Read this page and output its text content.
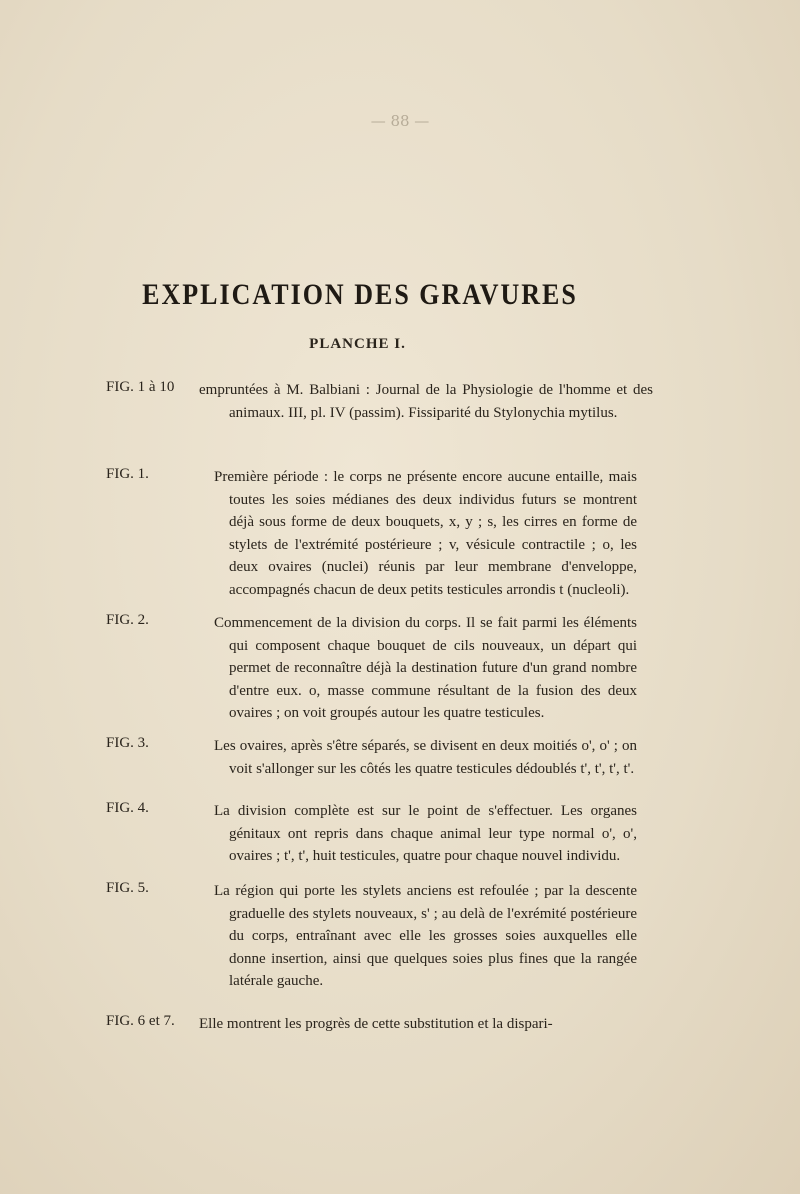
— 88 —
EXPLICATION DES GRAVURES
PLANCHE I.
FIG. 1 à 10 empruntées à M. Balbiani : Journal de la Physiologie de l'homme et des animaux. III, pl. IV (passim). Fissiparité du Stylonychia mytilus.
FIG. 1.	Première période : le corps ne présente encore aucune entaille, mais toutes les soies médianes des deux individus futurs se montrent déjà sous forme de deux bouquets, x, y ; s, les cirres en forme de stylets de l'extrémité postérieure ; v, vésicule contractile ; o, les deux ovaires (nuclei) réunis par leur membrane d'enveloppe, accompagnés chacun de deux petits testicules arrondis t (nucleoli).
FIG. 2.	Commencement de la division du corps. Il se fait parmi les éléments qui composent chaque bouquet de cils nouveaux, un départ qui permet de reconnaître déjà la destination future d'un grand nombre d'entre eux. o, masse commune résultant de la fusion des deux ovaires ; on voit groupés autour les quatre testicules.
FIG. 3.	Les ovaires, après s'être séparés, se divisent en deux moitiés o', o' ; on voit s'allonger sur les côtés les quatre testicules dédoublés t', t', t', t'.
FIG. 4.	La division complète est sur le point de s'effectuer. Les organes génitaux ont repris dans chaque animal leur type normal o', o', ovaires ; t', t', huit testicules, quatre pour chaque nouvel individu.
FIG. 5.	La région qui porte les stylets anciens est refoulée ; par la descente graduelle des stylets nouveaux, s' ; au delà de l'exrémité postérieure du corps, entraînant avec elle les grosses soies auxquelles elle donne insertion, ainsi que quelques soies plus fines que la rangée latérale gauche.
FIG. 6 et 7. Elle montrent les progrès de cette substitution et la dispari-
